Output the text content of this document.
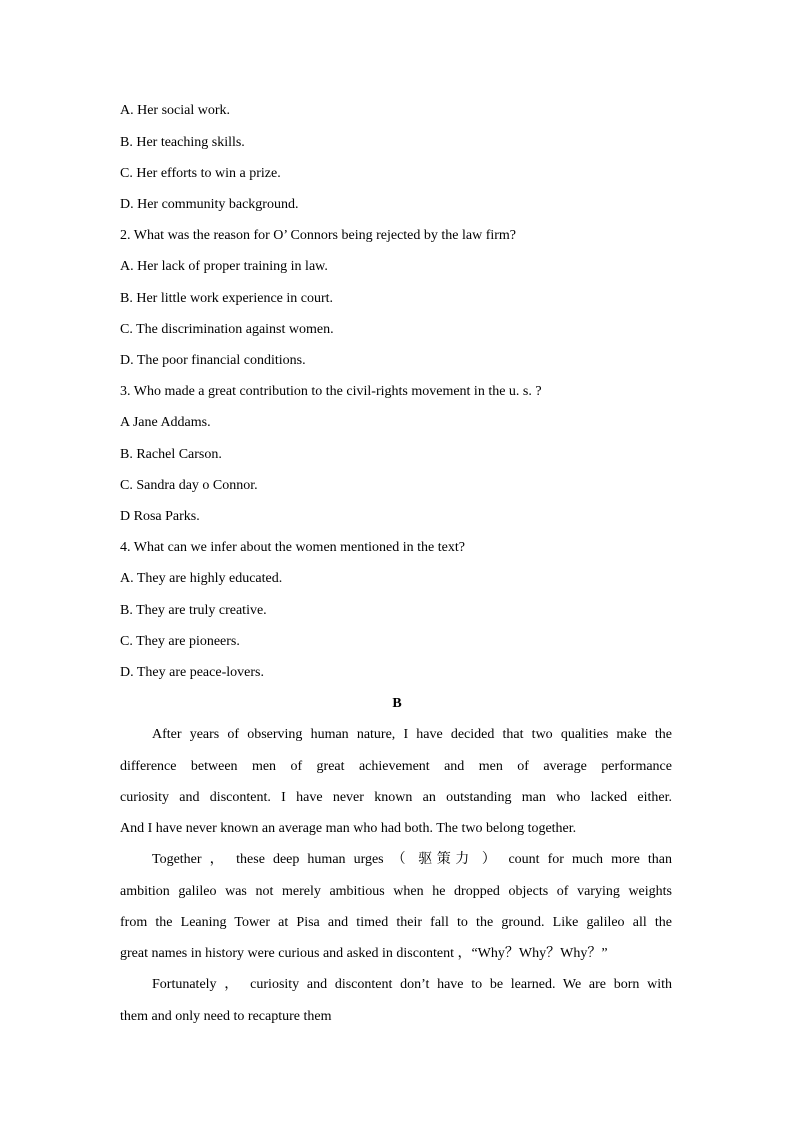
A. Her social work.
B. Her teaching skills.
C. Her efforts to win a prize.
D. Her community background.
2. What was the reason for O’ Connors being rejected by the law firm?
A. Her lack of proper training in law.
B. Her little work experience in court.
C. The discrimination against women.
D. The poor financial conditions.
3. Who made a great contribution to the civil-rights movement in the u. s. ?
A Jane Addams.
B. Rachel Carson.
C. Sandra day o Connor.
D Rosa Parks.
4. What can we infer about the women mentioned in the text?
A. They are highly educated.
B. They are truly creative.
C. They are pioneers.
D. They are peace-lovers.
B
After years of observing human nature, I have decided that two qualities make the
difference between men of great achievement and men of average performance
curiosity and discontent. I have never known an outstanding man who lacked either.
And I have never known an average man who had both. The two belong together.
Together ， these deep human urges （ 驱策力 ） count for much more than
ambition galileo was not merely ambitious when he dropped objects of varying weights
from the Leaning Tower at Pisa and timed their fall to the ground. Like galileo all the
great names in history were curious and asked in discontent ，“Why？Why？Why？”
Fortunately ， curiosity and discontent don’t have to be learned. We are born with
them and only need to recapture them
